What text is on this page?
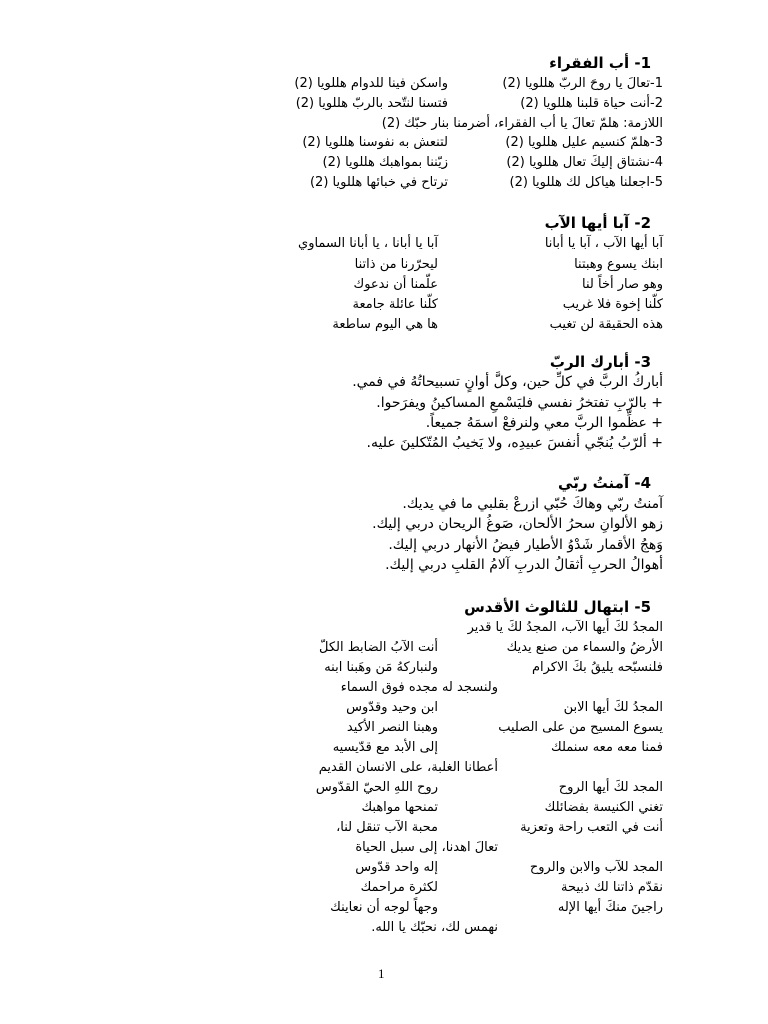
1- أب الفقراء
1-تعالَ يا روحَ الربّ هللويا (2)
واسكن فينا للدوام هللويا (2)
2-أنت حياة قلبنا هللويا (2)
فتسنا لنتّحد بالربّ هللويا (2)
اللازمة: هلمّ تعالَ يا أب الفقراء، أضرمنا بنار حبّك (2)
3-هلمّ كنسيم عليل هللويا (2)
لتنعش به نفوسنا هللويا (2)
4-نشتاق إليكَ تعال هللويا (2)
زيّننا بمواهبك هللويا (2)
5-اجعلنا هياكل لك هللويا (2)
ترتاح في خبائها هللويا (2)
2- آبا أيها الآب
آبا أيها الآب ، آبا يا أبانا
آبا يا أبانا ، يا أبانا السماوي
ابنك يسوع وهبتنا
ليحرّرنا من ذاتنا
وهو صار أخاً لنا
علّمنا أن ندعوك
كلّنا إخوة فلا غريب
كلّنا عائلة جامعة
هذه الحقيقة لن تغيب
ها هي اليوم ساطعة
3- أبارك الربّ
أباركُ الربَّ في كلِّ حين، وكلَّ أوانٍ تسبيحاتُهُ في فمي.
+ بالرّبِ تفتخرُ نفسي فليَسْمعِ المساكينُ ويفرَحوا.
+ عظِّموا الربَّ معي ولنرفعْ اسمَهُ جميعاً.
+ ألرّبُ يُنجّي أنفسَ عبيدِه، ولا يَخيبُ المُتّكلينَ عليه.
4- آمنتُ ربّي
آمنتُ ربّي وهاكَ حُبّي ازرعْ بقلبي ما في يديك.
زهو الألوانِ سحرُ الألحان، صَوغُ الريحان دربي إليك.
وَهجُ الأقمار شَدْوُ الأطيار فيضُ الأنهار دربي إليك.
أهوالُ الحربِ أثقالُ الدربِ آلامُ القلبِ دربي إليك.
5- ابتهال للثالوث الأقدس
المجدُ لكَ أيها الآب، المجدُ لكَ يا قدير
الأرضُ والسماء من صنع يديك
أنت الآبُ الضابط الكلّ
فلنسبّحه يليقُ بكَ الاكرام
ولنباركهُ مَن وهَبنا ابنه
ولنسجد له مجده فوق السماء
المجدُ لكَ أيها الابن
ابن وحيد وقدّوس
يسوع المسيح من على الصليب
وهبنا النصر الأكيد
فمنا معه معه سنملك
إلى الأبد مع قدّيسيه
أعطانا الغلبة، على الانسان القديم
المجد لكَ أيها الروح
روح اللهِ الحيّ القدّوس
تغني الكنيسة بفضائلك
تمنحها مواهبك
أنت في التعب راحة وتعزية
محبة الآب تنقل لنا،
تعالَ اهدنا، إلى سبل الحياة
المجد للآب والابن والروح
إله واحد قدّوس
نقدّم ذاتنا لك ذبيحة
لكثرة مراحمك
راجينَ منكَ أيها الإله
وجهاً لوجه أن نعاينك
نهمس لك، نحبّك يا الله.
1
